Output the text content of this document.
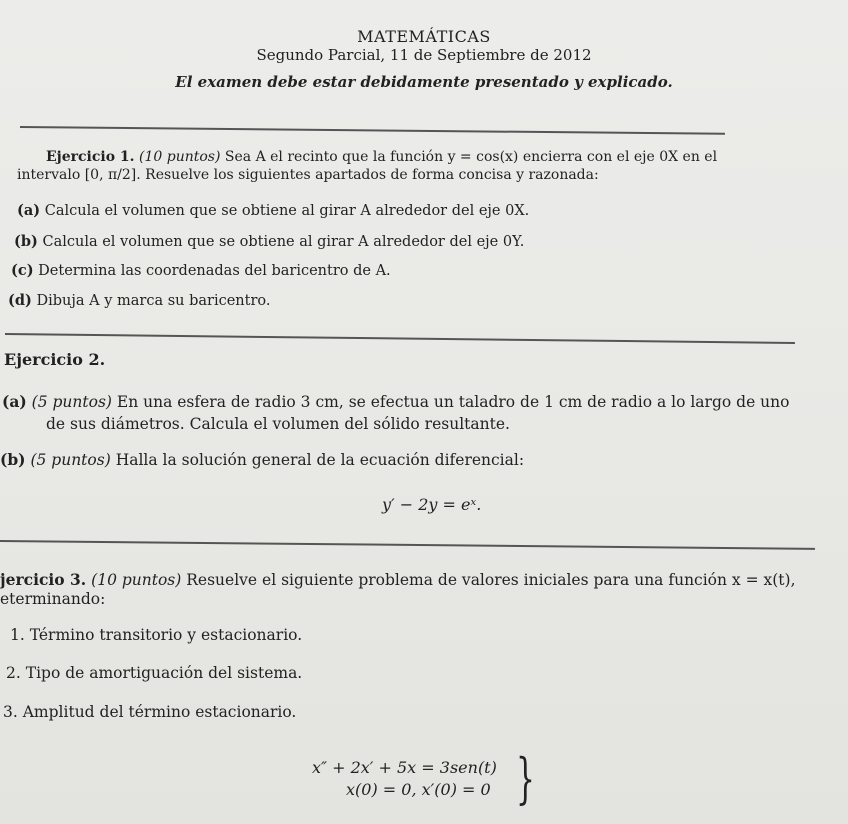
MATEMÁTICAS
Segundo Parcial, 11 de Septiembre de 2012
El examen debe estar debidamente presentado y explicado.
Ejercicio 1. (10 puntos) Sea A el recinto que la función y = cos(x) encierra con el eje 0X en el
intervalo [0, π/2]. Resuelve los siguientes apartados de forma concisa y razonada:
(a) Calcula el volumen que se obtiene al girar A alrededor del eje 0X.
(b) Calcula el volumen que se obtiene al girar A alrededor del eje 0Y.
(c) Determina las coordenadas del baricentro de A.
(d) Dibuja A y marca su baricentro.
Ejercicio 2.
(a) (5 puntos) En una esfera de radio 3 cm, se efectua un taladro de 1 cm de radio a lo largo de uno
de sus diámetros. Calcula el volumen del sólido resultante.
(b) (5 puntos) Halla la solución general de la ecuación diferencial:
y′ − 2y = eˣ.
jercicio 3. (10 puntos) Resuelve el siguiente problema de valores iniciales para una función x = x(t),
eterminando:
1. Término transitorio y estacionario.
2. Tipo de amortiguación del sistema.
3. Amplitud del término estacionario.
x″ + 2x′ + 5x = 3sen(t)
x(0) = 0, x′(0) = 0 }
